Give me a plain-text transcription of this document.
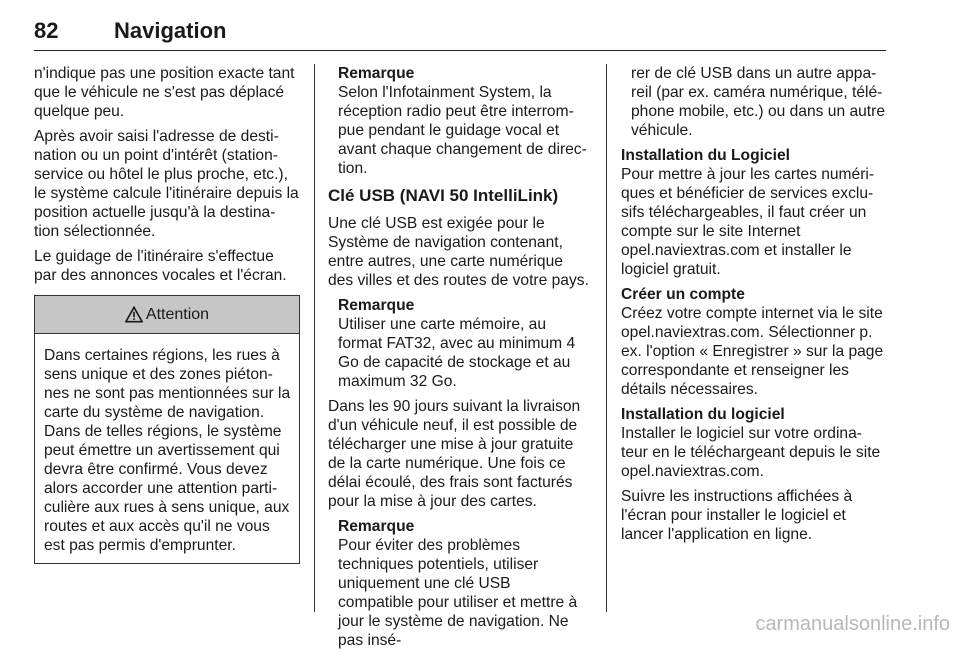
82	Navigation

n'indique pas une position exacte tant que le véhicule ne s'est pas déplacé quelque peu.

Après avoir saisi l'adresse de desti-nation ou un point d'intérêt (station-service ou hôtel le plus proche, etc.), le système calcule l'itinéraire depuis la position actuelle jusqu'à la destina-tion sélectionnée.

Le guidage de l'itinéraire s'effectue par des annonces vocales et l'écran.

Attention
Dans certaines régions, les rues à sens unique et des zones piéton-nes ne sont pas mentionnées sur la carte du système de navigation. Dans de telles régions, le système peut émettre un avertissement qui devra être confirmé. Vous devez alors accorder une attention parti-culière aux rues à sens unique, aux routes et aux accès qu'il ne vous est pas permis d'emprunter.
Remarque
Selon l'Infotainment System, la réception radio peut être interrom-pue pendant le guidage vocal et avant chaque changement de direc-tion.
Clé USB (NAVI 50 IntelliLink)

Une clé USB est exigée pour le Système de navigation contenant, entre autres, une carte numérique des villes et des routes de votre pays.

Remarque
Utiliser une carte mémoire, au format FAT32, avec au minimum 4 Go de capacité de stockage et au maximum 32 Go.

Dans les 90 jours suivant la livraison d'un véhicule neuf, il est possible de télécharger une mise à jour gratuite de la carte numérique. Une fois ce délai écoulé, des frais sont facturés pour la mise à jour des cartes.

Remarque
Pour éviter des problèmes techniques potentiels, utiliser uniquement une clé USB compatible pour utiliser et mettre à jour le système de navigation. Ne pas insé-

rer de clé USB dans un autre appa-reil (par ex. caméra numérique, télé-phone mobile, etc.) ou dans un autre véhicule.

Installation du Logiciel

Pour mettre à jour les cartes numéri-ques et bénéficier de services exclu-sifs téléchargeables, il faut créer un compte sur le site Internet opel.naviextras.com et installer le logiciel gratuit.

Créer un compte

Créez votre compte internet via le site opel.naviextras.com. Sélectionner p. ex. l'option « Enregistrer » sur la page correspondante et renseigner les détails nécessaires.

Installation du logiciel

Installer le logiciel sur votre ordina-teur en le téléchargeant depuis le site opel.naviextras.com.

Suivre les instructions affichées à l'écran pour installer le logiciel et lancer l'application en ligne.

carmanualsonline.info
